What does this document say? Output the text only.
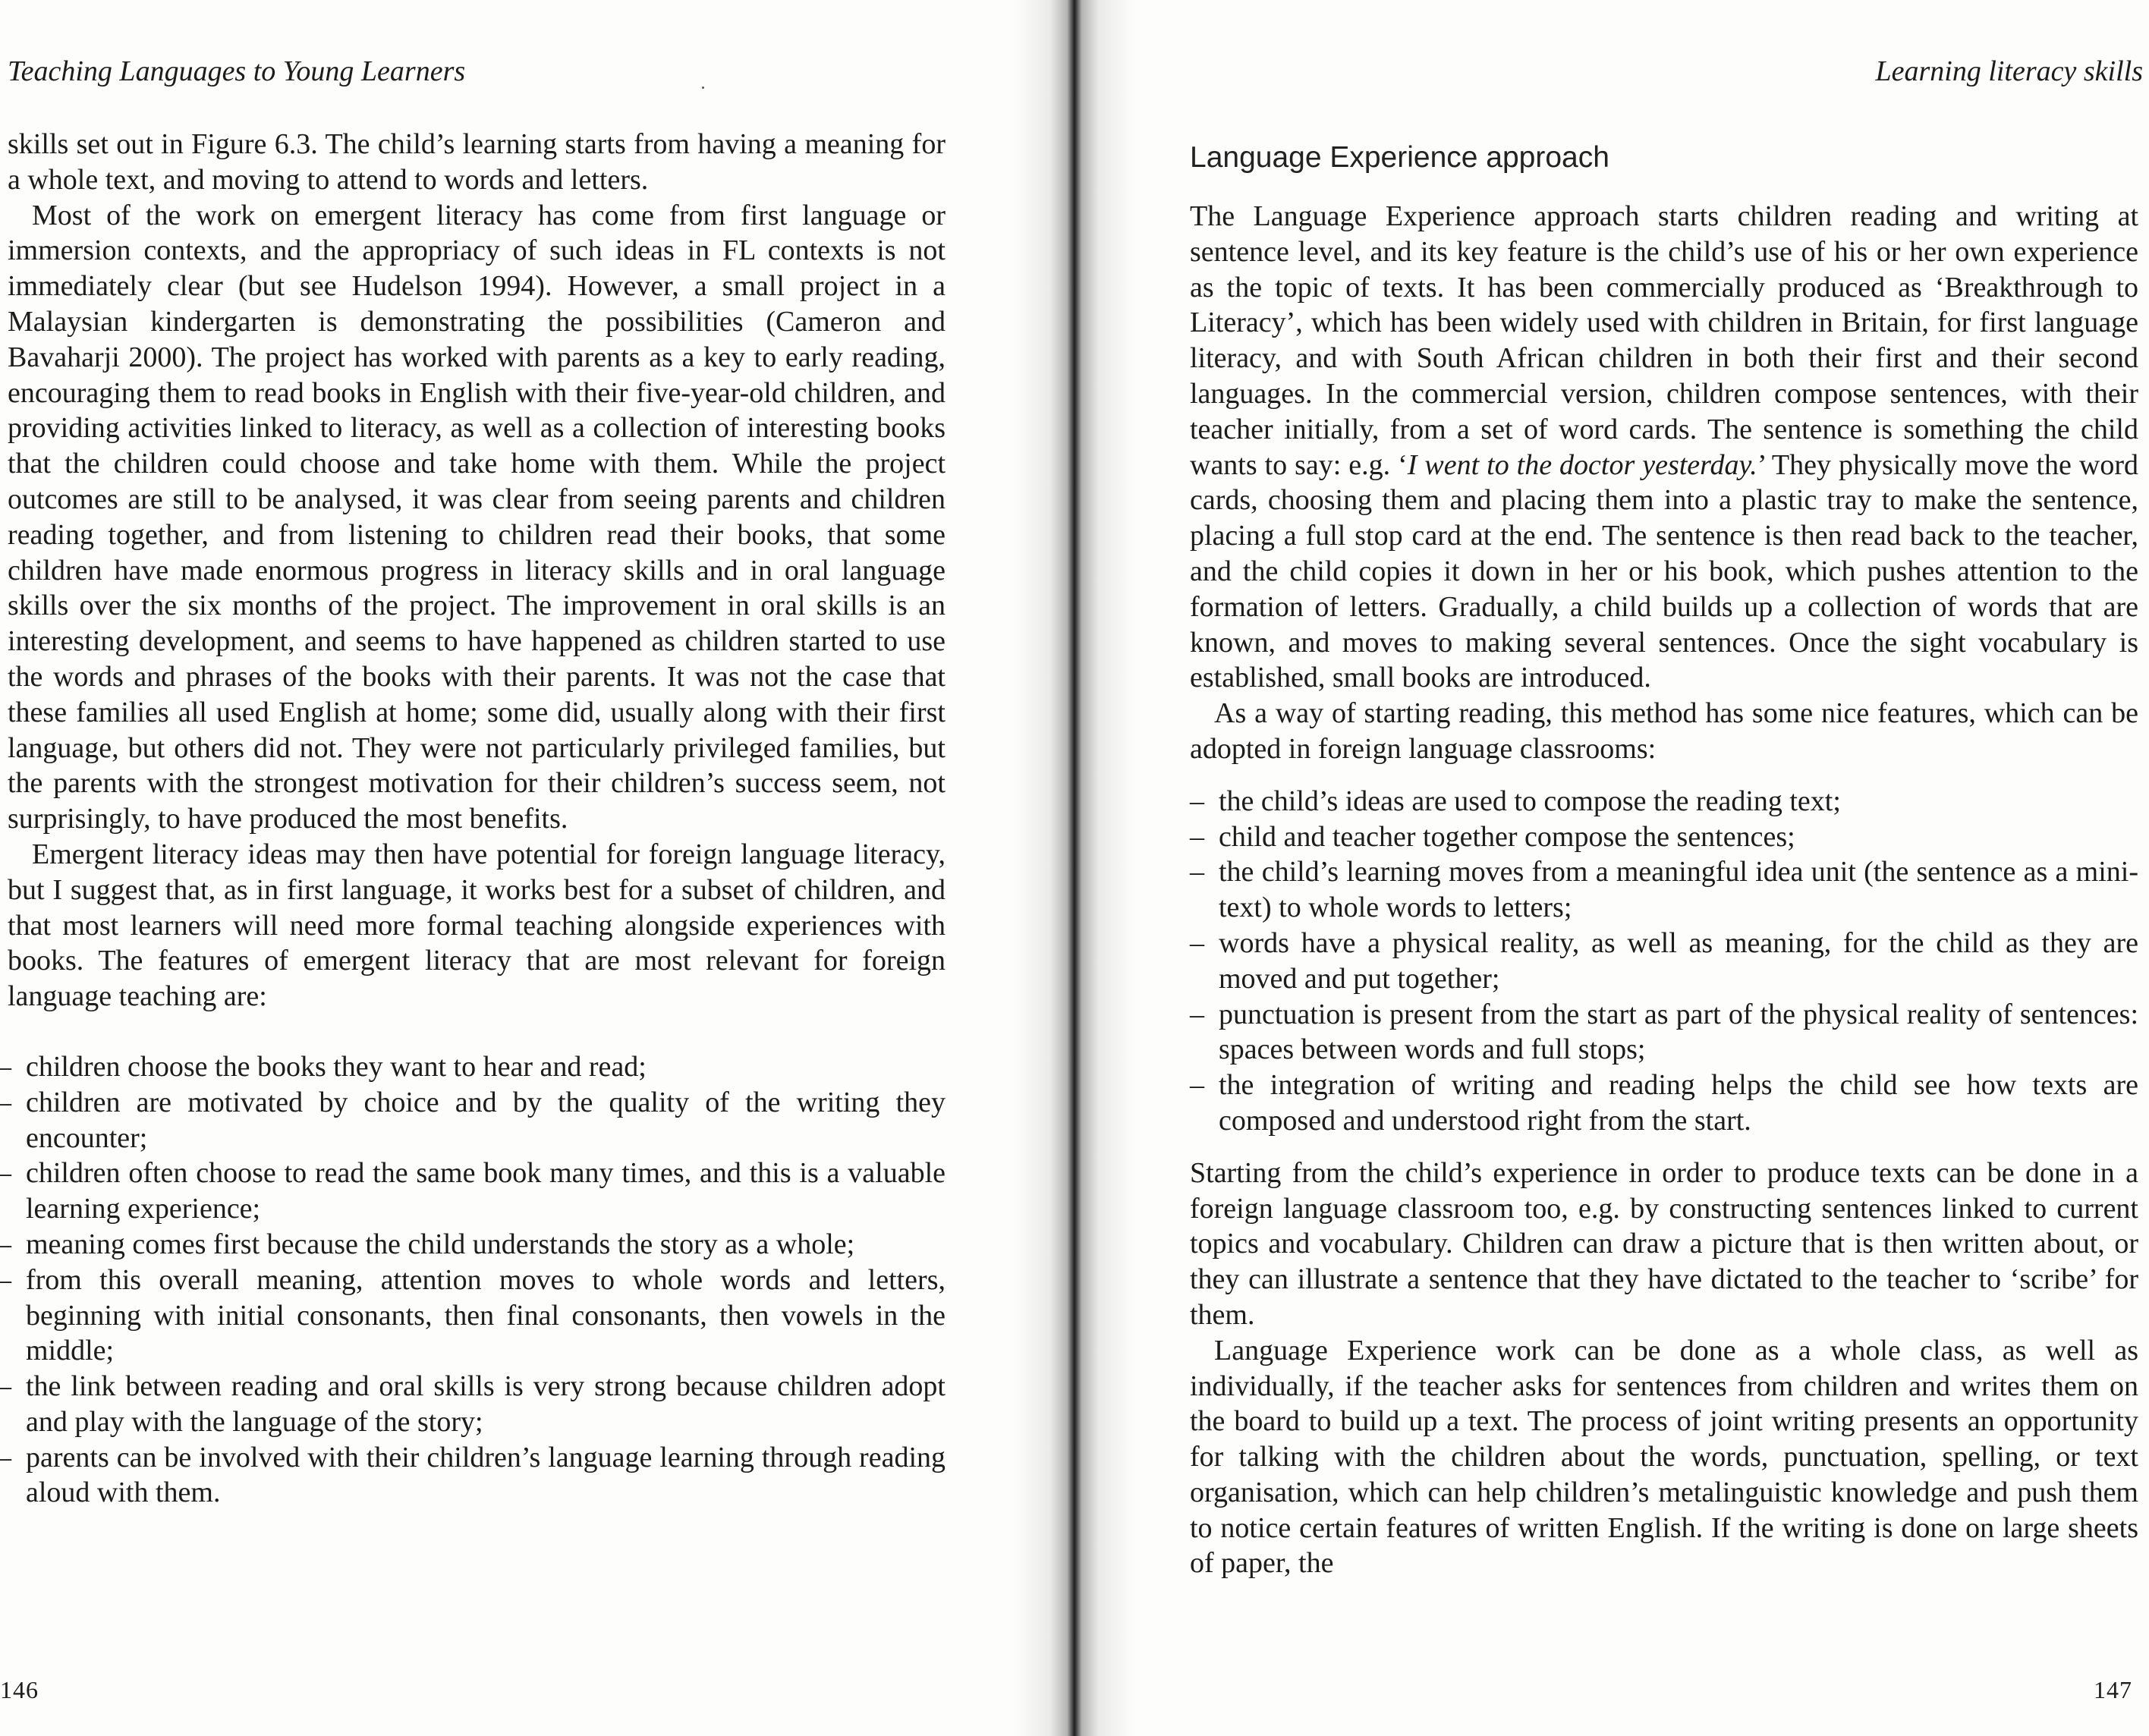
Teaching Languages to Young Learners

skills set out in Figure 6.3. The child’s learning starts from having a meaning for a whole text, and moving to attend to words and letters.

Most of the work on emergent literacy has come from first language or immersion contexts, and the appropriacy of such ideas in FL contexts is not immediately clear (but see Hudelson 1994). However, a small project in a Malaysian kindergarten is demonstrating the possibilities (Cameron and Bavaharji 2000). The project has worked with parents as a key to early reading, encouraging them to read books in English with their five-year-old children, and providing activities linked to literacy, as well as a collection of interesting books that the children could choose and take home with them. While the project outcomes are still to be analysed, it was clear from seeing parents and children reading together, and from listening to children read their books, that some children have made enormous progress in literacy skills and in oral language skills over the six months of the project. The improvement in oral skills is an interesting development, and seems to have happened as children started to use the words and phrases of the books with their parents. It was not the case that these families all used English at home; some did, usually along with their first language, but others did not. They were not particularly privileged families, but the parents with the strongest motivation for their children’s success seem, not surprisingly, to have produced the most benefits.

Emergent literacy ideas may then have potential for foreign language literacy, but I suggest that, as in first language, it works best for a subset of children, and that most learners will need more formal teaching alongside experiences with books. The features of emergent literacy that are most relevant for foreign language teaching are:

– children choose the books they want to hear and read;
– children are motivated by choice and by the quality of the writing they encounter;
– children often choose to read the same book many times, and this is a valuable learning experience;
– meaning comes first because the child understands the story as a whole;
– from this overall meaning, attention moves to whole words and letters, beginning with initial consonants, then final consonants, then vowels in the middle;
– the link between reading and oral skills is very strong because children adopt and play with the language of the story;
– parents can be involved with their children’s language learning through reading aloud with them.
146
Learning literacy skills
Language Experience approach

The Language Experience approach starts children reading and writing at sentence level, and its key feature is the child’s use of his or her own experience as the topic of texts. It has been commercially produced as ‘Breakthrough to Literacy’, which has been widely used with children in Britain, for first language literacy, and with South African children in both their first and their second languages. In the commercial version, children compose sentences, with their teacher initially, from a set of word cards. The sentence is something the child wants to say: e.g. ‘I went to the doctor yesterday.’ They physically move the word cards, choosing them and placing them into a plastic tray to make the sentence, placing a full stop card at the end. The sentence is then read back to the teacher, and the child copies it down in her or his book, which pushes attention to the formation of letters. Gradually, a child builds up a collection of words that are known, and moves to making several sentences. Once the sight vocabulary is established, small books are introduced.

As a way of starting reading, this method has some nice features, which can be adopted in foreign language classrooms:

– the child’s ideas are used to compose the reading text;
– child and teacher together compose the sentences;
– the child’s learning moves from a meaningful idea unit (the sentence as a mini-text) to whole words to letters;
– words have a physical reality, as well as meaning, for the child as they are moved and put together;
– punctuation is present from the start as part of the physical reality of sentences: spaces between words and full stops;
– the integration of writing and reading helps the child see how texts are composed and understood right from the start.

Starting from the child’s experience in order to produce texts can be done in a foreign language classroom too, e.g. by constructing sentences linked to current topics and vocabulary. Children can draw a picture that is then written about, or they can illustrate a sentence that they have dictated to the teacher to ‘scribe’ for them.

Language Experience work can be done as a whole class, as well as individually, if the teacher asks for sentences from children and writes them on the board to build up a text. The process of joint writing presents an opportunity for talking with the children about the words, punctuation, spelling, or text organisation, which can help children’s metalinguistic knowledge and push them to notice certain features of written English. If the writing is done on large sheets of paper, the

147
